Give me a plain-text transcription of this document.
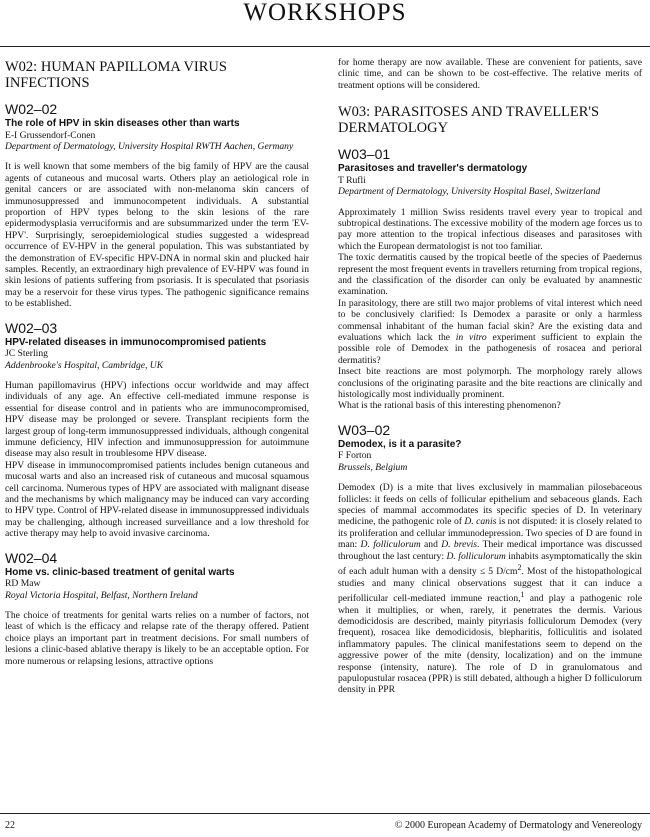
WORKSHOPS
W02: HUMAN PAPILLOMA VIRUS INFECTIONS
W02–02
The role of HPV in skin diseases other than warts
E-I Grussendorf-Conen
Department of Dermatology, University Hospital RWTH Aachen, Germany

It is well known that some members of the big family of HPV are the causal agents of cutaneous and mucosal warts. Others play an aetiological role in genital cancers or are associated with non-melanoma skin cancers of immunosuppressed and immunocompetent individuals. A substantial proportion of HPV types belong to the skin lesions of the rare epidermodysplasia verruciformis and are subsummarized under the term 'EV-HPV'. Surprisingly, seroepidemiological studies suggested a widespread occurrence of EV-HPV in the general population. This was substantiated by the demonstration of EV-specific HPV-DNA in normal skin and plucked hair samples. Recently, an extraordinary high prevalence of EV-HPV was found in skin lesions of patients suffering from psoriasis. It is speculated that psoriasis may be a reservoir for these virus types. The pathogenic significance remains to be established.

W02–03
HPV-related diseases in immunocompromised patients
JC Sterling
Addenbrooke's Hospital, Cambridge, UK

Human papillomavirus (HPV) infections occur worldwide and may affect individuals of any age. An effective cell-mediated immune response is essential for disease control and in patients who are immunocompromised, HPV disease may be prolonged or severe. Transplant recipients form the largest group of long-term immunosuppressed individuals, although congenital immune deficiency, HIV infection and immunosuppression for autoimmune disease may also result in troublesome HPV disease.

HPV disease in immunocompromised patients includes benign cutaneous and mucosal warts and also an increased risk of cutaneous and mucosal squamous cell carcinoma. Numerous types of HPV are associated with malignant disease and the mechanisms by which malignancy may be induced can vary according to HPV type. Control of HPV-related disease in immunosuppressed individuals may be challenging, although increased surveillance and a low threshold for active therapy may help to avoid invasive carcinoma.

W02–04
Home vs. clinic-based treatment of genital warts
RD Maw
Royal Victoria Hospital, Belfast, Northern Ireland

The choice of treatments for genital warts relies on a number of factors, not least of which is the efficacy and relapse rate of the therapy offered. Patient choice plays an important part in treatment decisions. For small numbers of lesions a clinic-based ablative therapy is likely to be an acceptable option. For more numerous or relapsing lesions, attractive options

for home therapy are now available. These are convenient for patients, save clinic time, and can be shown to be cost-effective. The relative merits of treatment options will be considered.

W03: PARASITOSES AND TRAVELLER'S DERMATOLOGY
W03–01
Parasitoses and traveller's dermatology
T Rufli
Department of Dermatology, University Hospital Basel, Switzerland

Approximately 1 million Swiss residents travel every year to tropical and subtropical destinations. The excessive mobility of the modern age forces us to pay more attention to the tropical infectious diseases and parasitoses with which the European dermatologist is not too familiar.

The toxic dermatitis caused by the tropical beetle of the species of Paedernus represent the most frequent events in travellers returning from tropical regions, and the classification of the disorder can only be evaluated by anamnestic examination.

In parasitology, there are still two major problems of vital interest which need to be conclusively clarified: Is Demodex a parasite or only a harmless commensal inhabitant of the human facial skin? Are the existing data and evaluations which lack the in vitro experiment sufficient to explain the possible role of Demodex in the pathogenesis of rosacea and perioral dermatitis?

Insect bite reactions are most polymorph. The morphology rarely allows conclusions of the originating parasite and the bite reactions are clinically and histologically most individually prominent.

What is the rational basis of this interesting phenomenon?

W03–02
Demodex, is it a parasite?
F Forton
Brussels, Belgium

Demodex (D) is a mite that lives exclusively in mammalian pilosebaceous follicles: it feeds on cells of follicular epithelium and sebaceous glands. Each species of mammal accommodates its specific species of D. In veterinary medicine, the pathogenic role of D. canis is not disputed: it is closely related to its proliferation and cellular immunodepression. Two species of D are found in man: D. folliculorum and D. brevis. Their medical importance was discussed throughout the last century: D. folliculorum inhabits asymptomatically the skin of each adult human with a density ≤ 5 $D/cm^2$. Most of the histopathological studies and many clinical observations suggest that it can induce a perifollicular cell-mediated immune reaction,$^1$ and play a pathogenic role when it multiplies, or when, rarely, it penetrates the dermis. Various demodicidosis are described, mainly pityriasis folliculorum Demodex (very frequent), rosacea like demodicidosis, blepharitis, folliculitis and isolated inflammatory papules. The clinical manifestations seem to depend on the aggressive power of the mite (density, localization) and on the immune response (intensity, nature). The role of D in granulomatous and papulopustular rosacea (PPR) is still debated, although a higher D folliculorum density in PPR

22	© 2000 European Academy of Dermatology and Venereology
